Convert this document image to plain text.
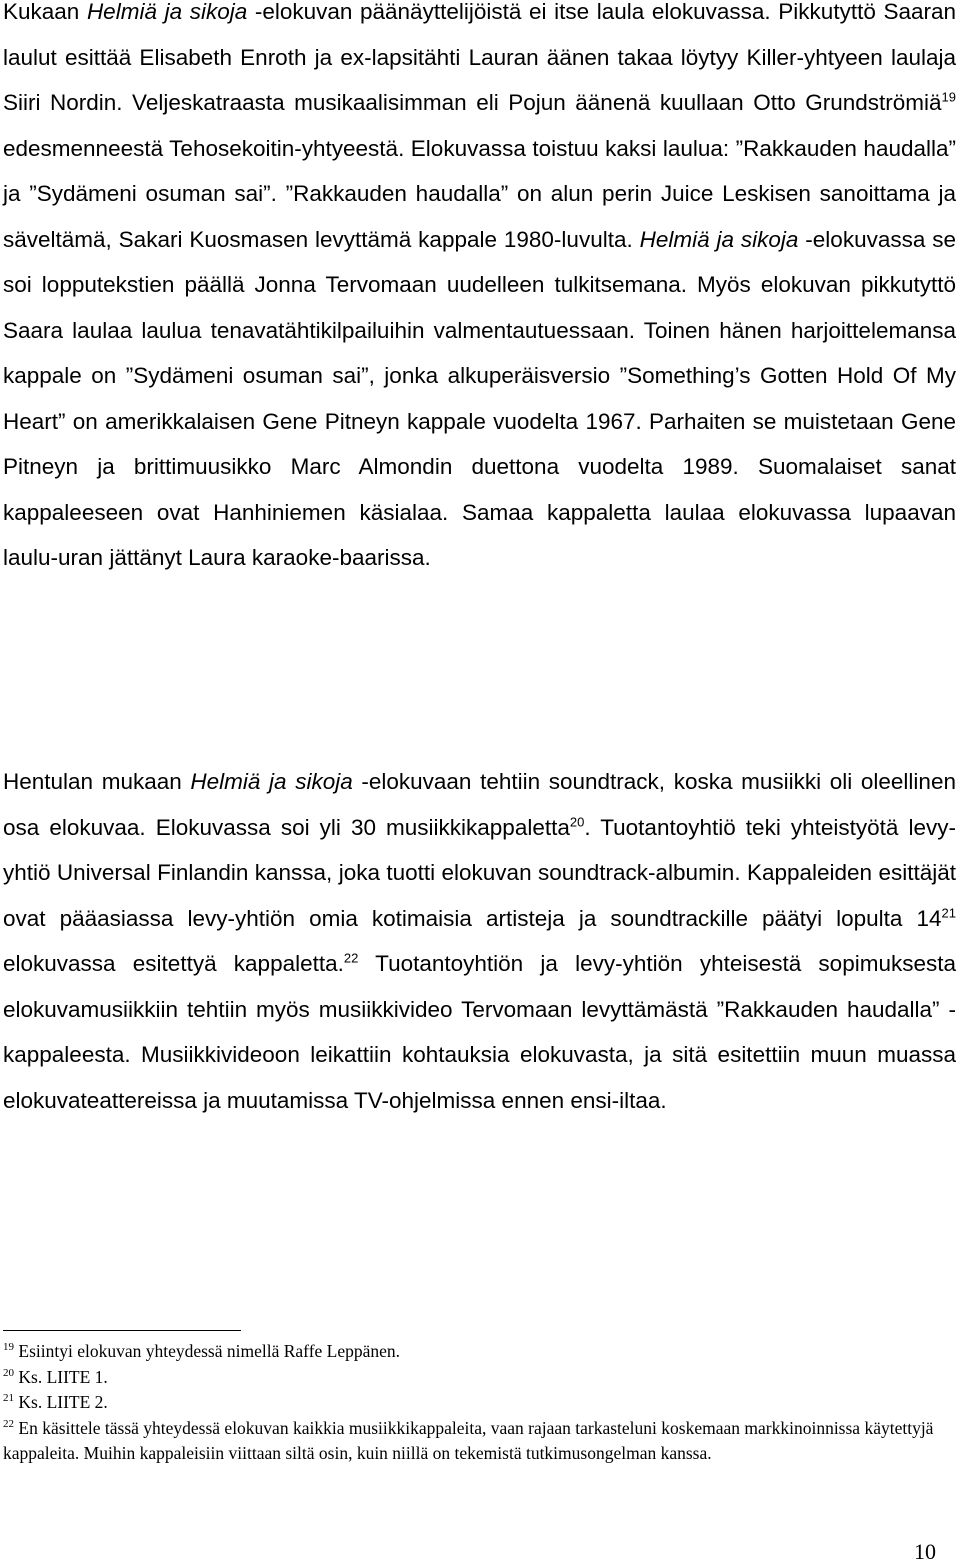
Kukaan Helmiä ja sikoja -elokuvan päänäyttelijöistä ei itse laula elokuvassa. Pikkutyttö Saaran laulut esittää Elisabeth Enroth ja ex-lapsitähti Lauran äänen takaa löytyy Killer-yhtyeen laulaja Siiri Nordin. Veljeskatraasta musikaalisimman eli Pojun äänenä kuullaan Otto Grundströmiä$^{19}$ edesmenneestä Tehosekoitin-yhtyeestä. Elokuvassa toistuu kaksi laulua: ”Rakkauden haudalla” ja ”Sydämeni osuman sai”. ”Rakkauden haudalla” on alun perin Juice Leskisen sanoittama ja säveltämä, Sakari Kuosmasen levyttämä kappale 1980-luvulta. Helmiä ja sikoja -elokuvassa se soi lopputekstien päällä Jonna Tervomaan uudelleen tulkitsemana. Myös elokuvan pikkutyttö Saara laulaa laulua tenavatähtikilpailuihin valmentautuessaan. Toinen hänen harjoittelemansa kappale on ”Sydämeni osuman sai”, jonka alkuperäisversio ”Something’s Gotten Hold Of My Heart” on amerikkalaisen Gene Pitneyn kappale vuodelta 1967. Parhaiten se muistetaan Gene Pitneyn ja brittimuusikko Marc Almondin duettona vuodelta 1989. Suomalaiset sanat kappaleeseen ovat Hanhiniemen käsialaa. Samaa kappaletta laulaa elokuvassa lupaavan laulu-uran jättänyt Laura karaoke-baarissa.
Hentulan mukaan Helmiä ja sikoja -elokuvaan tehtiin soundtrack, koska musiikki oli oleellinen osa elokuvaa. Elokuvassa soi yli 30 musiikkikappaletta$^{20}$. Tuotantoyhtiö teki yhteistyötä levy-yhtiö Universal Finlandin kanssa, joka tuotti elokuvan soundtrack-albumin. Kappaleiden esittäjät ovat pääasiassa levy-yhtiön omia kotimaisia artisteja ja soundtrackille päätyi lopulta $14^{21}$ elokuvassa esitettyä kappaletta.$^{22}$ Tuotantoyhtiön ja levy-yhtiön yhteisestä sopimuksesta elokuvamusiikkiin tehtiin myös musiikkivideo Tervomaan levyttämästä ”Rakkauden haudalla” -kappaleesta. Musiikkivideoon leikattiin kohtauksia elokuvasta, ja sitä esitettiin muun muassa elokuvateattereissa ja muutamissa TV-ohjelmissa ennen ensi-iltaa.

$^{19}$ Esiintyi elokuvan yhteydessä nimellä Raffe Leppänen.

$^{20}$ Ks. LIITE 1.

$^{21}$ Ks. LIITE 2.

$^{22}$ En käsittele tässä yhteydessä elokuvan kaikkia musiikkikappaleita, vaan rajaan tarkasteluni koskemaan markkinoinnissa käytettyjä kappaleita. Muihin kappaleisiin viittaan siltä osin, kuin niillä on tekemistä tutkimusongelman kanssa.

10
